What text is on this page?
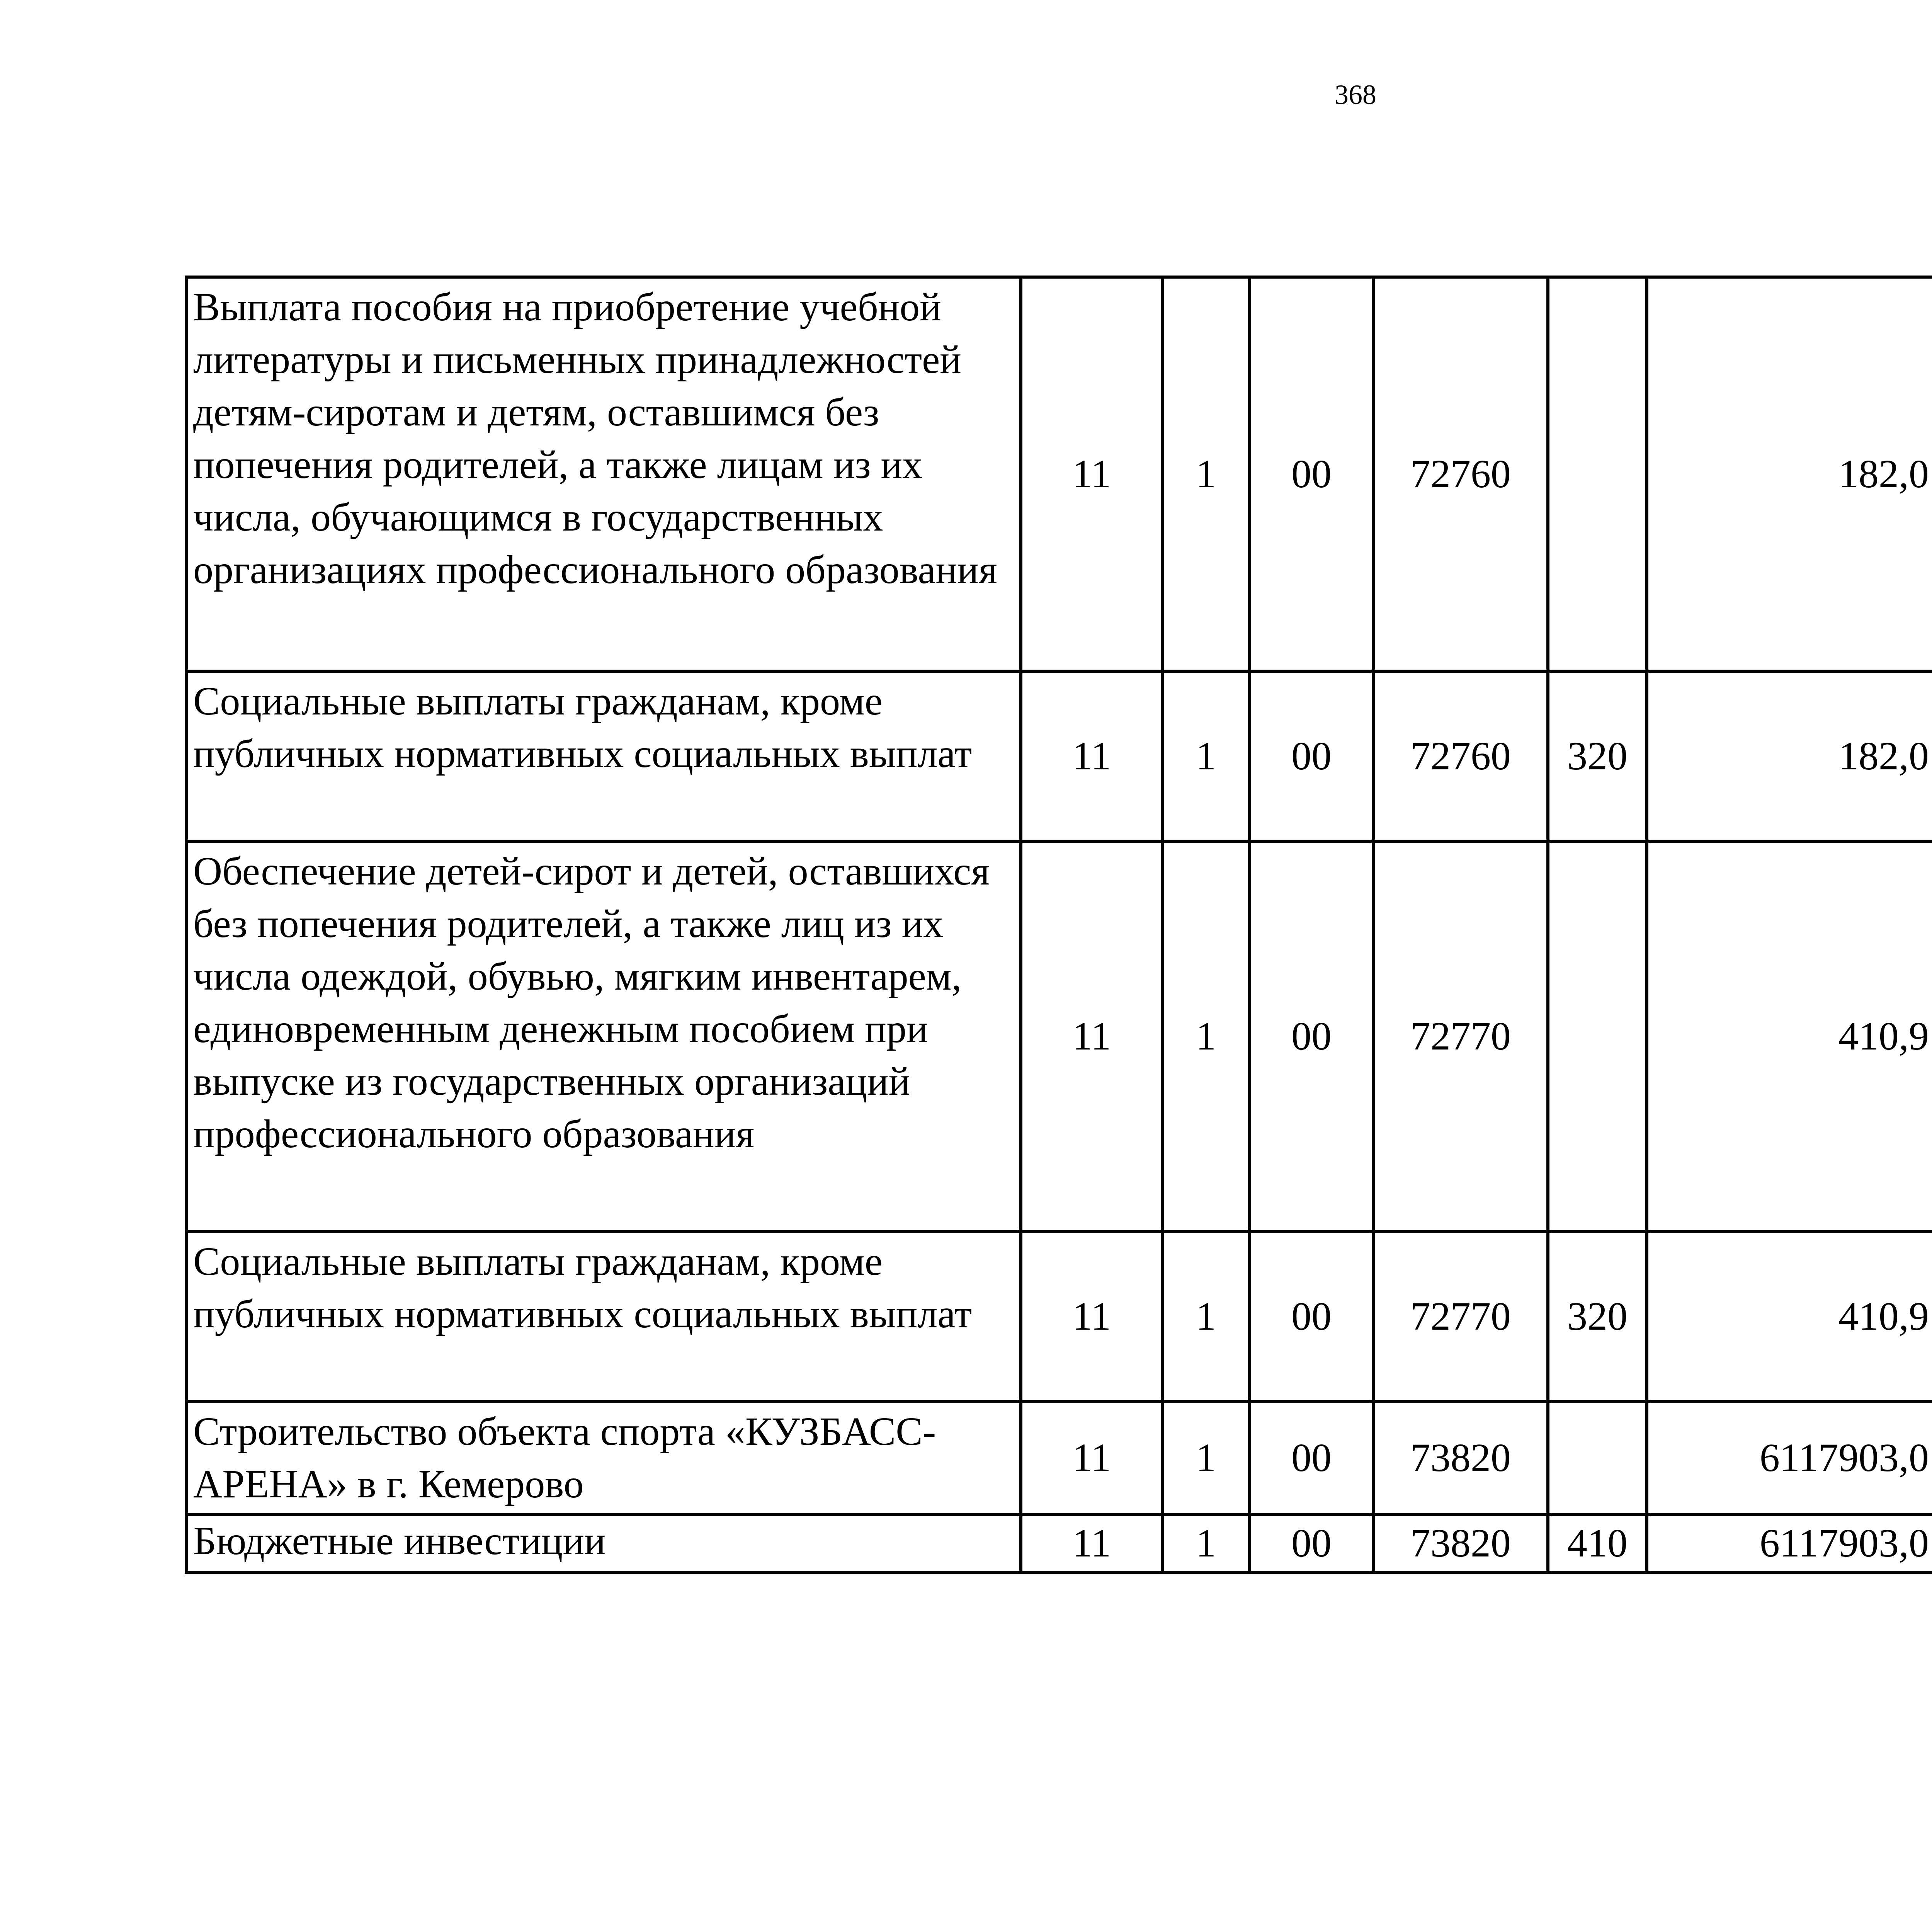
368
Выплата пособия на приобретение учебной литературы и письменных принадлежностей детям-сиротам и детям, оставшимся без попечения родителей, а также лицам из их числа, обучающимся в государственных организациях профессионального образования	11	1	00	72760		182,0		
Социальные выплаты гражданам, кроме публичных нормативных социальных выплат	11	1	00	72760	320	182,0		
Обеспечение детей-сирот и детей, оставшихся без попечения родителей, а также лиц из их числа одеждой, обувью, мягким инвентарем, единовременным денежным пособием при выпуске из государственных организаций профессионального образования	11	1	00	72770		410,9		
Социальные выплаты гражданам, кроме публичных нормативных социальных выплат	11	1	00	72770	320	410,9		
Строительство объекта спорта «КУЗБАСС-АРЕНА» в г. Кемерово	11	1	00	73820		6117903,0		
Бюджетные инвестиции	11	1	00	73820	410	6117903,0		
